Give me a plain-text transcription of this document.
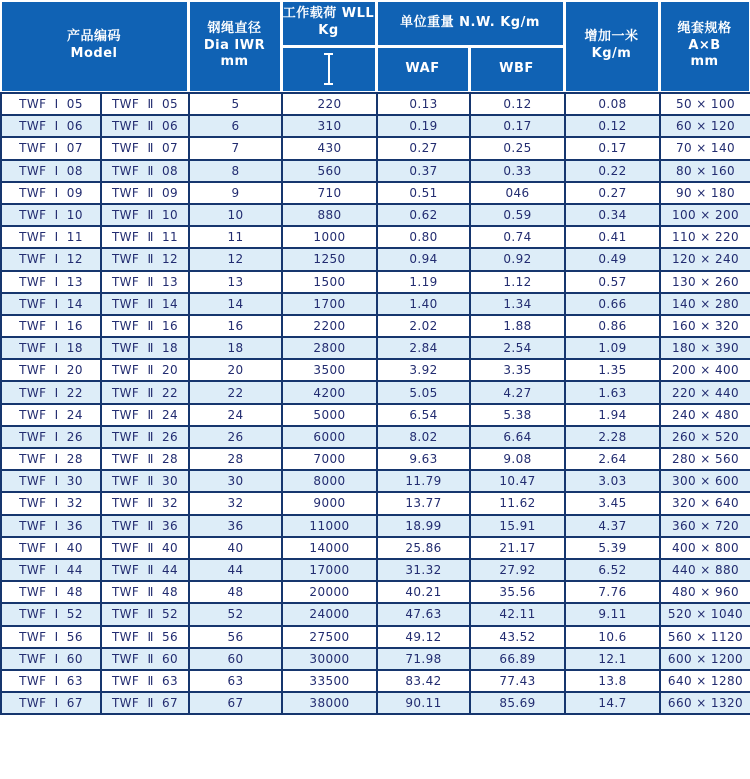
产品编码
Model
钢绳直径
Dia IWR
mm
工作载荷 WLL
Kg
单位重量 N.W. Kg/m
WAF	WBF
增加一米
Kg/m
绳套规格
A×B
mm
TWF Ⅰ 05	TWF Ⅱ 05	5	220	0.13	0.12	0.08	50 × 100
TWF Ⅰ 06	TWF Ⅱ 06	6	310	0.19	0.17	0.12	60 × 120
TWF Ⅰ 07	TWF Ⅱ 07	7	430	0.27	0.25	0.17	70 × 140
TWF Ⅰ 08	TWF Ⅱ 08	8	560	0.37	0.33	0.22	80 × 160
TWF Ⅰ 09	TWF Ⅱ 09	9	710	0.51	046	0.27	90 × 180
TWF Ⅰ 10	TWF Ⅱ 10	10	880	0.62	0.59	0.34	100 × 200
TWF Ⅰ 11	TWF Ⅱ 11	11	1000	0.80	0.74	0.41	110 × 220
TWF Ⅰ 12	TWF Ⅱ 12	12	1250	0.94	0.92	0.49	120 × 240
TWF Ⅰ 13	TWF Ⅱ 13	13	1500	1.19	1.12	0.57	130 × 260
TWF Ⅰ 14	TWF Ⅱ 14	14	1700	1.40	1.34	0.66	140 × 280
TWF Ⅰ 16	TWF Ⅱ 16	16	2200	2.02	1.88	0.86	160 × 320
TWF Ⅰ 18	TWF Ⅱ 18	18	2800	2.84	2.54	1.09	180 × 390
TWF Ⅰ 20	TWF Ⅱ 20	20	3500	3.92	3.35	1.35	200 × 400
TWF Ⅰ 22	TWF Ⅱ 22	22	4200	5.05	4.27	1.63	220 × 440
TWF Ⅰ 24	TWF Ⅱ 24	24	5000	6.54	5.38	1.94	240 × 480
TWF Ⅰ 26	TWF Ⅱ 26	26	6000	8.02	6.64	2.28	260 × 520
TWF Ⅰ 28	TWF Ⅱ 28	28	7000	9.63	9.08	2.64	280 × 560
TWF Ⅰ 30	TWF Ⅱ 30	30	8000	11.79	10.47	3.03	300 × 600
TWF Ⅰ 32	TWF Ⅱ 32	32	9000	13.77	11.62	3.45	320 × 640
TWF Ⅰ 36	TWF Ⅱ 36	36	11000	18.99	15.91	4.37	360 × 720
TWF Ⅰ 40	TWF Ⅱ 40	40	14000	25.86	21.17	5.39	400 × 800
TWF Ⅰ 44	TWF Ⅱ 44	44	17000	31.32	27.92	6.52	440 × 880
TWF Ⅰ 48	TWF Ⅱ 48	48	20000	40.21	35.56	7.76	480 × 960
TWF Ⅰ 52	TWF Ⅱ 52	52	24000	47.63	42.11	9.11	520 × 1040
TWF Ⅰ 56	TWF Ⅱ 56	56	27500	49.12	43.52	10.6	560 × 1120
TWF Ⅰ 60	TWF Ⅱ 60	60	30000	71.98	66.89	12.1	600 × 1200
TWF Ⅰ 63	TWF Ⅱ 63	63	33500	83.42	77.43	13.8	640 × 1280
TWF Ⅰ 67	TWF Ⅱ 67	67	38000	90.11	85.69	14.7	660 × 1320
